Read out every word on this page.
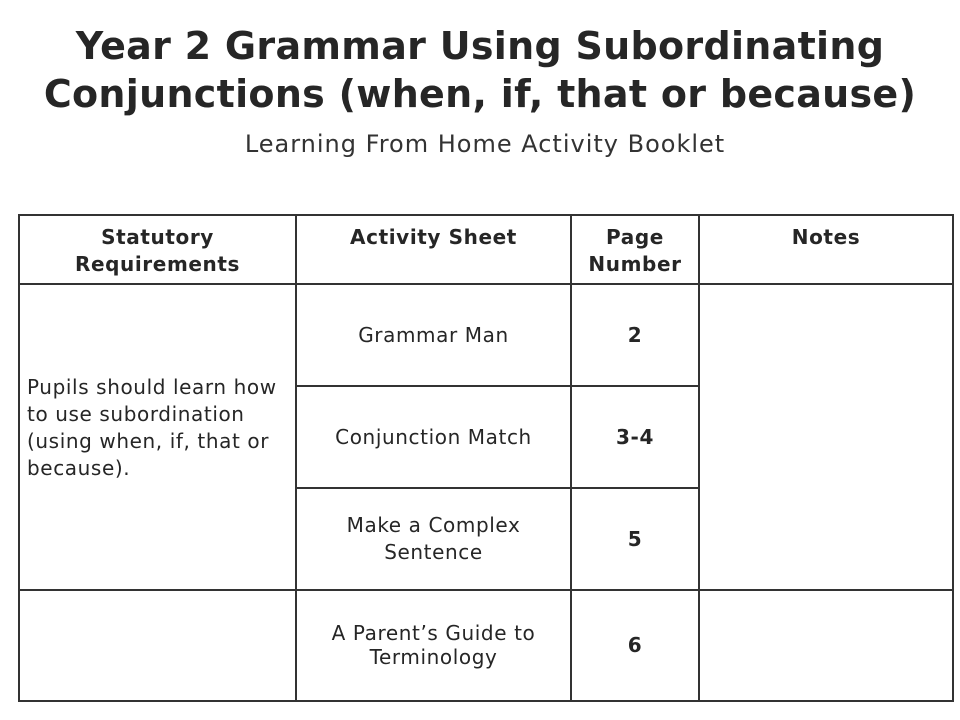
Year 2 Grammar Using Subordinating
Conjunctions (when, if, that or because)
Learning From Home Activity Booklet
Statutory Requirements	Activity Sheet	Page Number	Notes

Pupils should learn how to use subordination (using when, if, that or because).	Grammar Man	2	
	Conjunction Match	3-4	
	Make a Complex Sentence	5	
	A Parent’s Guide to Terminology	6	
